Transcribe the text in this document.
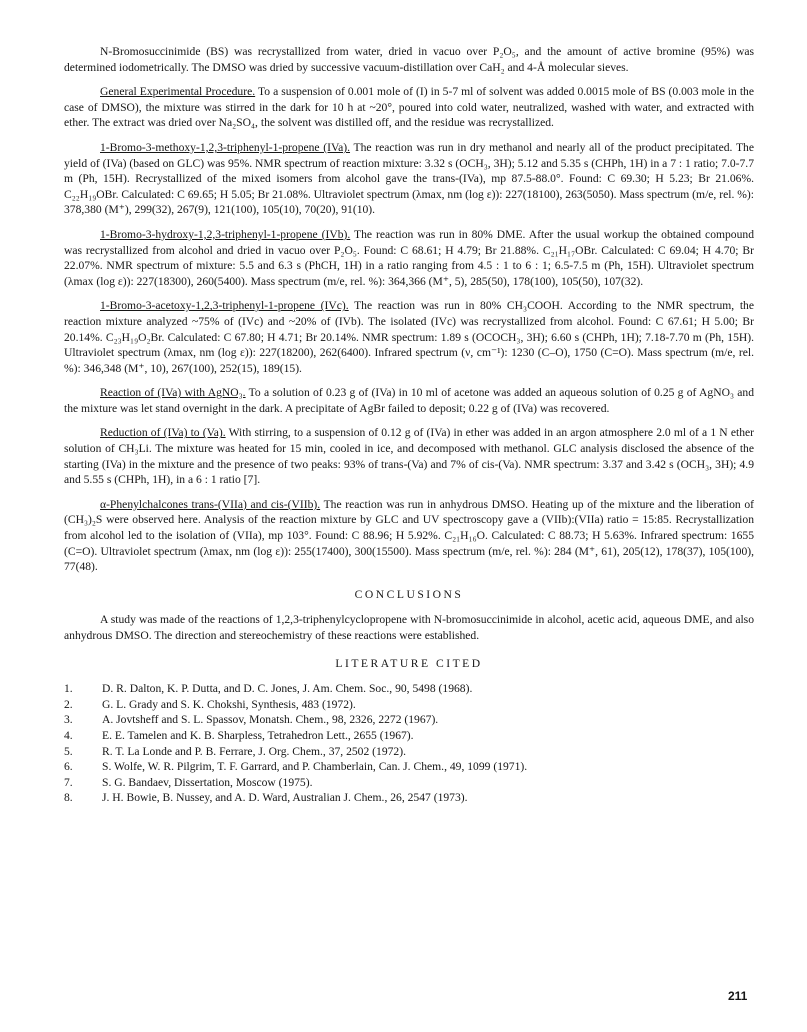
N-Bromosuccinimide (BS) was recrystallized from water, dried in vacuo over P₂O₅, and the amount of active bromine (95%) was determined iodometrically. The DMSO was dried by successive vacuum-distillation over CaH₂ and 4-Å molecular sieves.

General Experimental Procedure. To a suspension of 0.001 mole of (I) in 5-7 ml of solvent was added 0.0015 mole of BS (0.003 mole in the case of DMSO), the mixture was stirred in the dark for 10 h at ~20°, poured into cold water, neutralized, washed with water, and extracted with ether. The extract was dried over Na₂SO₄, the solvent was distilled off, and the residue was recrystallized.

1-Bromo-3-methoxy-1,2,3-triphenyl-1-propene (IVa). The reaction was run in dry methanol and nearly all of the product precipitated. The yield of (IVa) (based on GLC) was 95%. NMR spectrum of reaction mixture: 3.32 s (OCH₃, 3H); 5.12 and 5.35 s (CHPh, 1H) in a 7 : 1 ratio; 7.0-7.7 m (Ph, 15H). Recrystallized of the mixed isomers from alcohol gave the trans-(IVa), mp 87.5-88.0°. Found: C 69.30; H 5.23; Br 21.06%. C₂₂H₁₉OBr. Calculated: C 69.65; H 5.05; Br 21.08%. Ultraviolet spectrum (λmax, nm (log ε)): 227(18100), 263(5050). Mass spectrum (m/e, rel. %): 378,380 (M⁺), 299(32), 267(9), 121(100), 105(10), 70(20), 91(10).

1-Bromo-3-hydroxy-1,2,3-triphenyl-1-propene (IVb). The reaction was run in 80% DME. After the usual workup the obtained compound was recrystallized from alcohol and dried in vacuo over P₂O₅. Found: C 68.61; H 4.79; Br 21.88%. C₂₁H₁₇OBr. Calculated: C 69.04; H 4.70; Br 22.07%. NMR spectrum of mixture: 5.5 and 6.3 s (PhCH, 1H) in a ratio ranging from 4.5 : 1 to 6 : 1; 6.5-7.5 m (Ph, 15H). Ultraviolet spectrum (λmax (log ε)): 227(18300), 260(5400). Mass spectrum (m/e, rel. %): 364,366 (M⁺, 5), 285(50), 178(100), 105(50), 107(32).

1-Bromo-3-acetoxy-1,2,3-triphenyl-1-propene (IVc). The reaction was run in 80% CH₃COOH. According to the NMR spectrum, the reaction mixture analyzed ~75% of (IVc) and ~20% of (IVb). The isolated (IVc) was recrystallized from alcohol. Found: C 67.61; H 5.00; Br 20.14%. C₂₃H₁₉O₂Br. Calculated: C 67.80; H 4.71; Br 20.14%. NMR spectrum: 1.89 s (OCOCH₃, 3H); 6.60 s (CHPh, 1H); 7.18-7.70 m (Ph, 15H). Ultraviolet spectrum (λmax, nm (log ε)): 227(18200), 262(6400). Infrared spectrum (ν, cm⁻¹): 1230 (C–O), 1750 (C=O). Mass spectrum (m/e, rel. %): 346,348 (M⁺, 10), 267(100), 252(15), 189(15).

Reaction of (IVa) with AgNO₃. To a solution of 0.23 g of (IVa) in 10 ml of acetone was added an aqueous solution of 0.25 g of AgNO₃ and the mixture was let stand overnight in the dark. A precipitate of AgBr failed to deposit; 0.22 g of (IVa) was recovered.

Reduction of (IVa) to (Va). With stirring, to a suspension of 0.12 g of (IVa) in ether was added in an argon atmosphere 2.0 ml of a 1 N ether solution of CH₃Li. The mixture was heated for 15 min, cooled in ice, and decomposed with methanol. GLC analysis disclosed the absence of the starting (IVa) in the mixture and the presence of two peaks: 93% of trans-(Va) and 7% of cis-(Va). NMR spectrum: 3.37 and 3.42 s (OCH₃, 3H); 4.9 and 5.55 s (CHPh, 1H), in a 6 : 1 ratio [7].

α-Phenylchalcones trans-(VIIa) and cis-(VIIb). The reaction was run in anhydrous DMSO. Heating up of the mixture and the liberation of (CH₃)₂S were observed here. Analysis of the reaction mixture by GLC and UV spectroscopy gave a (VIIb):(VIIa) ratio = 15:85. Recrystallization from alcohol led to the isolation of (VIIa), mp 103°. Found: C 88.96; H 5.92%. C₂₁H₁₆O. Calculated: C 88.73; H 5.63%. Infrared spectrum: 1655 (C=O). Ultraviolet spectrum (λmax, nm (log ε)): 255(17400), 300(15500). Mass spectrum (m/e, rel. %): 284 (M⁺, 61), 205(12), 178(37), 105(100), 77(48).

CONCLUSIONS

A study was made of the reactions of 1,2,3-triphenylcyclopropene with N-bromosuccinimide in alcohol, acetic acid, aqueous DME, and also anhydrous DMSO. The direction and stereochemistry of these reactions were established.

LITERATURE CITED
1.	D. R. Dalton, K. P. Dutta, and D. C. Jones, J. Am. Chem. Soc., 90, 5498 (1968).
2.	G. L. Grady and S. K. Chokshi, Synthesis, 483 (1972).
3.	A. Jovtsheff and S. L. Spassov, Monatsh. Chem., 98, 2326, 2272 (1967).
4.	E. E. Tamelen and K. B. Sharpless, Tetrahedron Lett., 2655 (1967).
5.	R. T. La Londe and P. B. Ferrare, J. Org. Chem., 37, 2502 (1972).
6.	S. Wolfe, W. R. Pilgrim, T. F. Garrard, and P. Chamberlain, Can. J. Chem., 49, 1099 (1971).
7.	S. G. Bandaev, Dissertation, Moscow (1975).
8.	J. H. Bowie, B. Nussey, and A. D. Ward, Australian J. Chem., 26, 2547 (1973).
211
